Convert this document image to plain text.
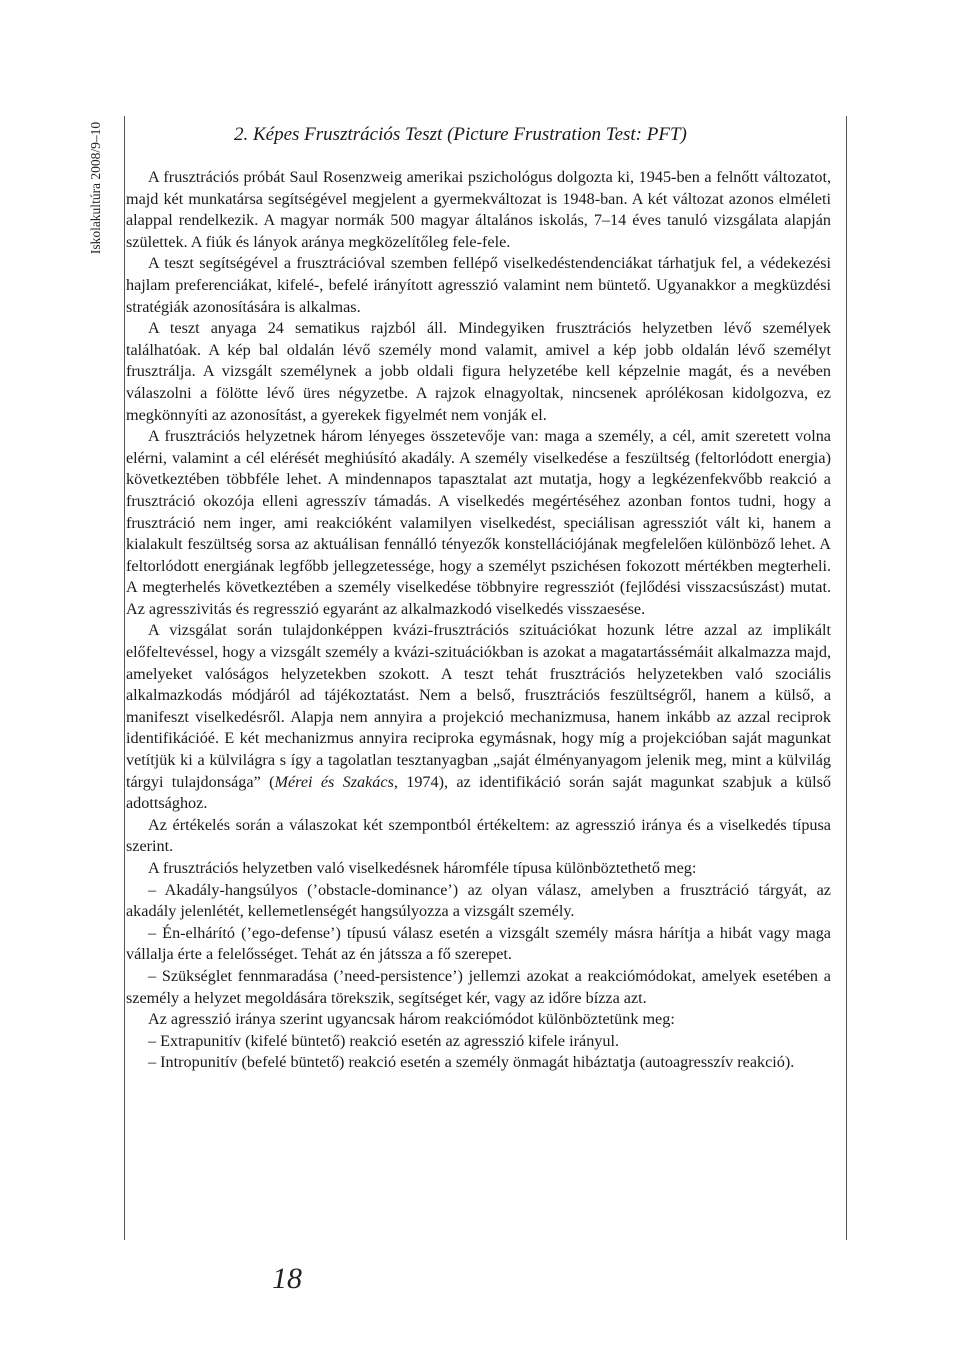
Iskolakultúra 2008/9–10	2. Képes Frusztrációs Teszt (Picture Frustration Test: PFT)

A frusztrációs próbát Saul Rosenzweig amerikai pszichológus dolgozta ki, 1945-ben a felnőtt változatot, majd két munkatársa segítségével megjelent a gyermekváltozat is 1948-ban. A két változat azonos elméleti alappal rendelkezik. A magyar normák 500 magyar általános iskolás, 7–14 éves tanuló vizsgálata alapján születtek. A fiúk és lányok aránya megközelítőleg fele-fele.

A teszt segítségével a frusztrációval szemben fellépő viselkedéstendenciákat tárhatjuk fel, a védekezési hajlam preferenciákat, kifelé-, befelé irányított agresszió valamint nem büntető. Ugyanakkor a megküzdési stratégiák azonosítására is alkalmas.

A teszt anyaga 24 sematikus rajzból áll. Mindegyiken frusztrációs helyzetben lévő személyek találhatóak. A kép bal oldalán lévő személy mond valamit, amivel a kép jobb oldalán lévő személyt frusztrálja. A vizsgált személynek a jobb oldali figura helyzetébe kell képzelnie magát, és a nevében válaszolni a fölötte lévő üres négyzetbe. A rajzok elnagyoltak, nincsenek aprólékosan kidolgozva, ez megkönnyíti az azonosítást, a gyerekek figyelmét nem vonják el.

A frusztrációs helyzetnek három lényeges összetevője van: maga a személy, a cél, amit szeretett volna elérni, valamint a cél elérését meghiúsító akadály. A személy viselkedése a feszültség (feltorlódott energia) következtében többféle lehet. A mindennapos tapasztalat azt mutatja, hogy a legkézenfekvőbb reakció a frusztráció okozója elleni agresszív támadás. A viselkedés megértéséhez azonban fontos tudni, hogy a frusztráció nem inger, ami reakcióként valamilyen viselkedést, speciálisan agressziót vált ki, hanem a kialakult feszültség sorsa az aktuálisan fennálló tényezők konstellációjának megfelelően különböző lehet. A feltorlódott energiának legfőbb jellegzetessége, hogy a személyt pszichésen fokozott mértékben megterheli. A megterhelés következtében a személy viselkedése többnyire regressziót (fejlődési visszacsúszást) mutat. Az agresszivitás és regresszió egyaránt az alkalmazkodó viselkedés visszaesése.

A vizsgálat során tulajdonképpen kvázi-frusztrációs szituációkat hozunk létre azzal az implikált előfeltevéssel, hogy a vizsgált személy a kvázi-szituációkban is azokat a magatartássémáit alkalmazza majd, amelyeket valóságos helyzetekben szokott. A teszt tehát frusztrációs helyzetekben való szociális alkalmazkodás módjáról ad tájékoztatást. Nem a belső, frusztrációs feszültségről, hanem a külső, a manifeszt viselkedésről. Alapja nem annyira a projekció mechanizmusa, hanem inkább az azzal reciprok identifikációé. E két mechanizmus annyira reciproka egymásnak, hogy míg a projekcióban saját magunkat vetítjük ki a külvilágra s így a tagolatlan tesztanyagban „saját élményanyagom jelenik meg, mint a külvilág tárgyi tulajdonsága” (Mérei és Szakács, 1974), az identifikáció során saját magunkat szabjuk a külső adottsághoz.

Az értékelés során a válaszokat két szempontból értékeltem: az agresszió iránya és a viselkedés típusa szerint.

A frusztrációs helyzetben való viselkedésnek háromféle típusa különböztethető meg:

– Akadály-hangsúlyos (’obstacle-dominance’) az olyan válasz, amelyben a frusztráció tárgyát, az akadály jelenlétét, kellemetlenségét hangsúlyozza a vizsgált személy.

– Én-elhárító (’ego-defense’) típusú válasz esetén a vizsgált személy másra hárítja a hibát vagy maga vállalja érte a felelősséget. Tehát az én játssza a fő szerepet.

– Szükséglet fennmaradása (’need-persistence’) jellemzi azokat a reakciómódokat, amelyek esetében a személy a helyzet megoldására törekszik, segítséget kér, vagy az időre bízza azt.

Az agresszió iránya szerint ugyancsak három reakciómódot különböztetünk meg:

– Extrapunitív (kifelé büntető) reakció esetén az agresszió kifele irányul.

– Intropunitív (befelé büntető) reakció esetén a személy önmagát hibáztatja (autoagresszív reakció).

18
